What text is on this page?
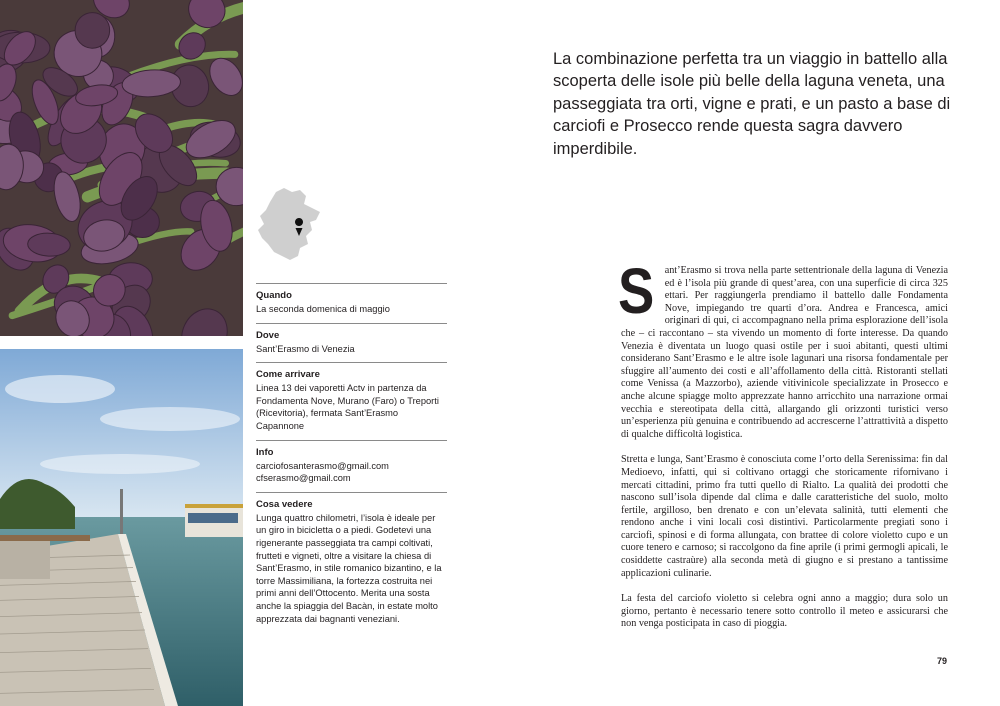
Quando

La seconda domenica di maggio

Dove

Sant’Erasmo di Venezia

Come arrivare

Linea 13 dei vaporetti Actv in partenza da Fondamenta Nove, Murano (Faro) o Treporti (Ricevitoria), fermata Sant’Erasmo Capannone

Info

carciofosanterasmo@gmail.com

cfserasmo@gmail.com

Cosa vedere

Lunga quattro chilometri, l’isola è ideale per un giro in bicicletta o a piedi. Godetevi una rigenerante passeggiata tra campi coltivati, frutteti e vigneti, oltre a visitare la chiesa di Sant’Erasmo, in stile romanico bizantino, e la torre Massimiliana, la fortezza costruita nei primi anni dell’Ottocento. Merita una sosta anche la spiaggia del Bacàn, in estate molto apprezzata dai bagnanti veneziani.

La combinazione perfetta tra un viaggio in battello alla scoperta delle isole più belle della laguna veneta, una passeggiata tra orti, vigne e prati, e un pasto a base di carciofi e Prosecco rende questa sagra davvero imperdibile.

S ant’Erasmo si trova nella parte settentrionale della laguna di Venezia ed è l’isola più grande di quest’area, con una superficie di circa 325 ettari. Per raggiungerla prendiamo il battello dalle Fondamenta Nove, impiegando tre quarti d’ora. Andrea e Francesca, amici originari di qui, ci accompagnano nella prima esplorazione dell’isola che – ci raccontano – sta vivendo un momento di forte interesse. Da quando Venezia è diventata un luogo quasi ostile per i suoi abitanti, questi ultimi considerano Sant’Erasmo e le altre isole lagunari una risorsa fondamentale per sfuggire all’aumento dei costi e all’affollamento della città. Ristoranti stellati come Venissa (a Mazzorbo), aziende vitivinicole specializzate in Prosecco e anche alcune spiagge molto apprezzate hanno arricchito una narrazione ormai vecchia e stereotipata della città, allargando gli orizzonti turistici verso un’esperienza più genuina e contribuendo ad accrescerne l’attrattività a dispetto di qualche difficoltà logistica.

Stretta e lunga, Sant’Erasmo è conosciuta come l’orto della Serenissima: fin dal Medioevo, infatti, qui si coltivano ortaggi che storicamente rifornivano i mercati cittadini, primo fra tutti quello di Rialto. La qualità dei prodotti che nascono sull’isola dipende dal clima e dalle caratteristiche del suolo, molto fertile, argilloso, ben drenato e con un’elevata salinità, tutti elementi che rendono anche i vini locali così distintivi. Particolarmente pregiati sono i carciofi, spinosi e di forma allungata, con brattee di colore violetto cupo e un cuore tenero e carnoso; si raccolgono da fine aprile (i primi germogli apicali, le cosiddette castraùre) alla seconda metà di giugno e si prestano a tantissime applicazioni culinarie.

La festa del carciofo violetto si celebra ogni anno a maggio; dura solo un giorno, pertanto è necessario tenere sotto controllo il meteo e assicurarsi che non venga posticipata in caso di pioggia.

79
